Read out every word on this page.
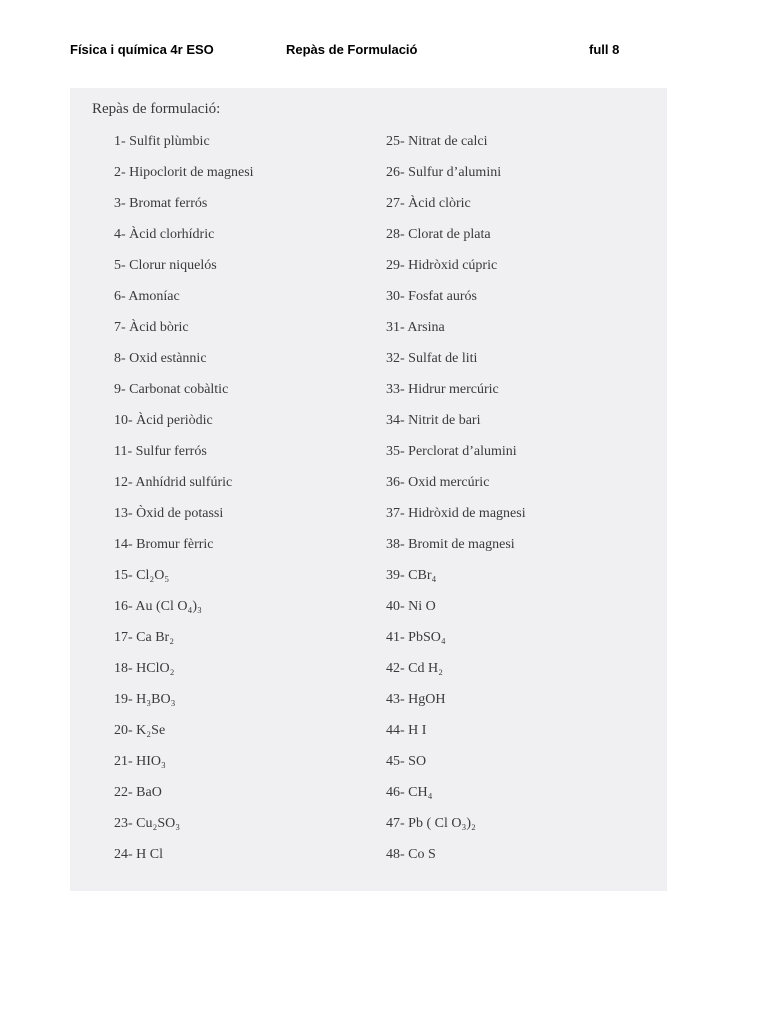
Física i química 4r ESO	Repàs de Formulació	full 8
Repàs de formulació:
1- Sulfit plùmbic
2- Hipoclorit de magnesi
3- Bromat ferrós
4- Àcid clorhídric
5- Clorur niquelós
6- Amoníac
7- Àcid bòric
8- Oxid estànnic
9- Carbonat cobàltic
10- Àcid periòdic
11- Sulfur ferrós
12- Anhídrid sulfúric
13- Òxid de potassi
14- Bromur fèrric
15- Cl₂O₅
16- Au (Cl O₄)₃
17- Ca Br₂
18- HClO₂
19- H₃BO₃
20- K₂Se
21- HIO₃
22- BaO
23- Cu₂SO₃
24- H Cl
25- Nitrat de calci
26- Sulfur d’alumini
27- Àcid clòric
28- Clorat de plata
29- Hidròxid cúpric
30- Fosfat aurós
31- Arsina
32- Sulfat de liti
33- Hidrur mercúric
34- Nitrit de bari
35- Perclorat d’alumini
36- Oxid mercúric
37- Hidròxid de magnesi
38- Bromit de magnesi
39- CBr₄
40- Ni O
41- PbSO₄
42- Cd H₂
43- HgOH
44- H I
45- SO
46- CH₄
47- Pb ( Cl O₃)₂
48- Co S
